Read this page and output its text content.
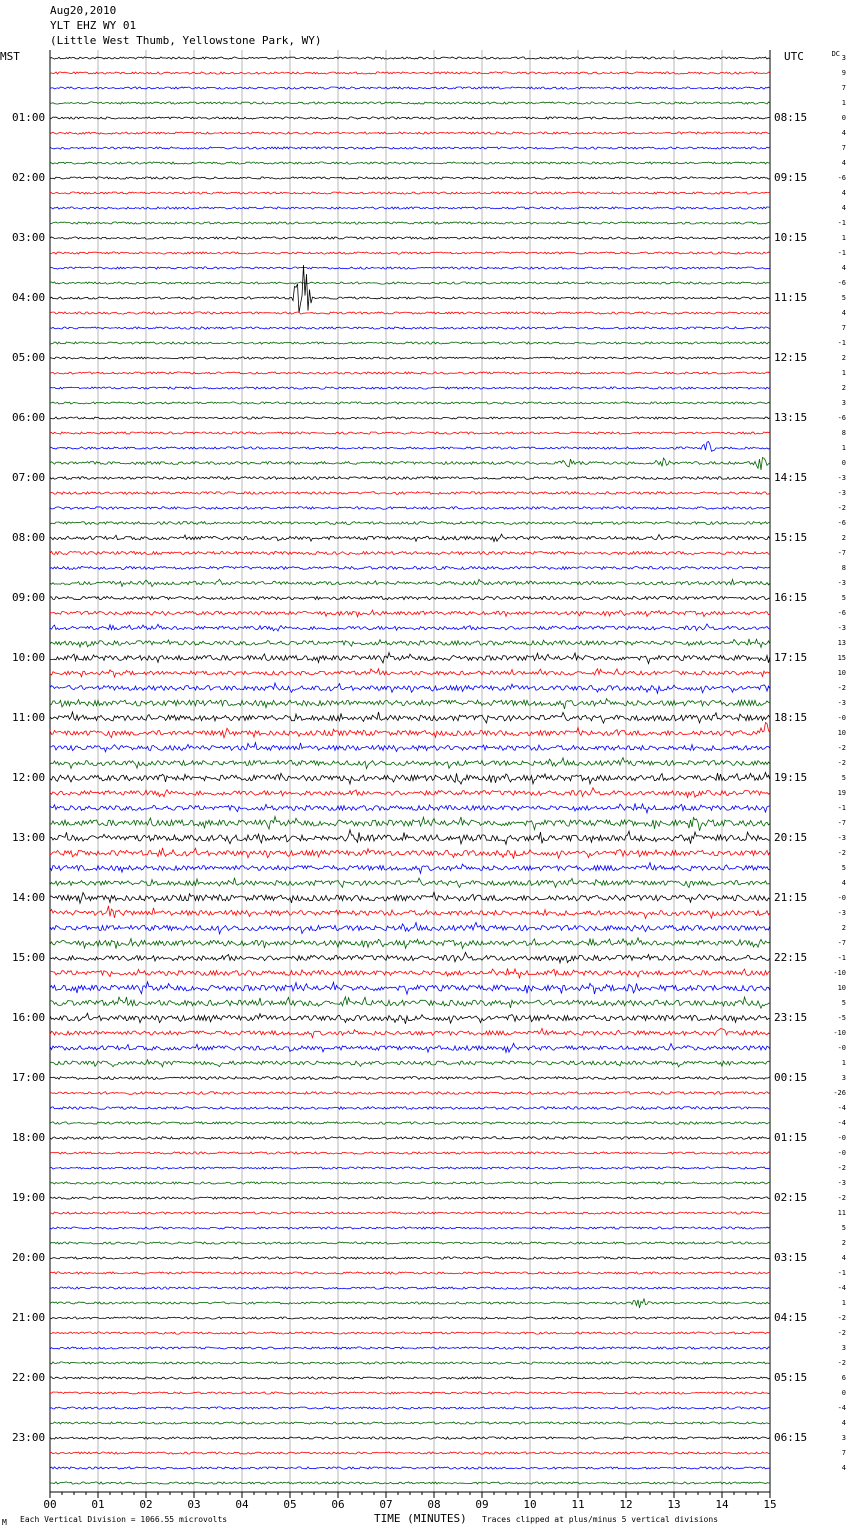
Aug20,2010
YLT EHZ WY 01
(Little West Thumb, Yellowstone Park, WY)
MST	UTC	DC
00	01	02	03	04	05	06	07	08	09	10	11	12	13	14	15
01:00
02:00
03:00
04:00
05:00
06:00
07:00
08:00
09:00
10:00
11:00
12:00
13:00
14:00
15:00
16:00
17:00
18:00
19:00
20:00
21:00
22:00
23:00
08:15
09:15
10:15
11:15
12:15
13:15
14:15
15:15
16:15
17:15
18:15
19:15
20:15
21:15
22:15
23:15
00:15
01:15
02:15
03:15
04:15
05:15
06:15
3
9
7
1
0
4
7
4
-6
4
4
-1
1
-1
4
-6
5
4
7
-1
2
1
2
3
-6
8
1
0
-3
-3
-2
-6
2
-7
8
-3
5
-6
-3
13
15
10
-2
-3
-0
10
-2
-2
5
19
-1
-7
-3
-2
5
4
-0
-3
2
-7
-1
-10
10
5
-5
-10
-0
1
3
-26
-4
-4
-0
-0
-2
-3
-2
11
5
2
4
-1
-4
1
-2
-2
3
-2
6
0
-4
4
3
7
4
M Each Vertical Division = 1066.55 microvolts	TIME (MINUTES) Traces clipped at plus/minus 5 vertical divisions
